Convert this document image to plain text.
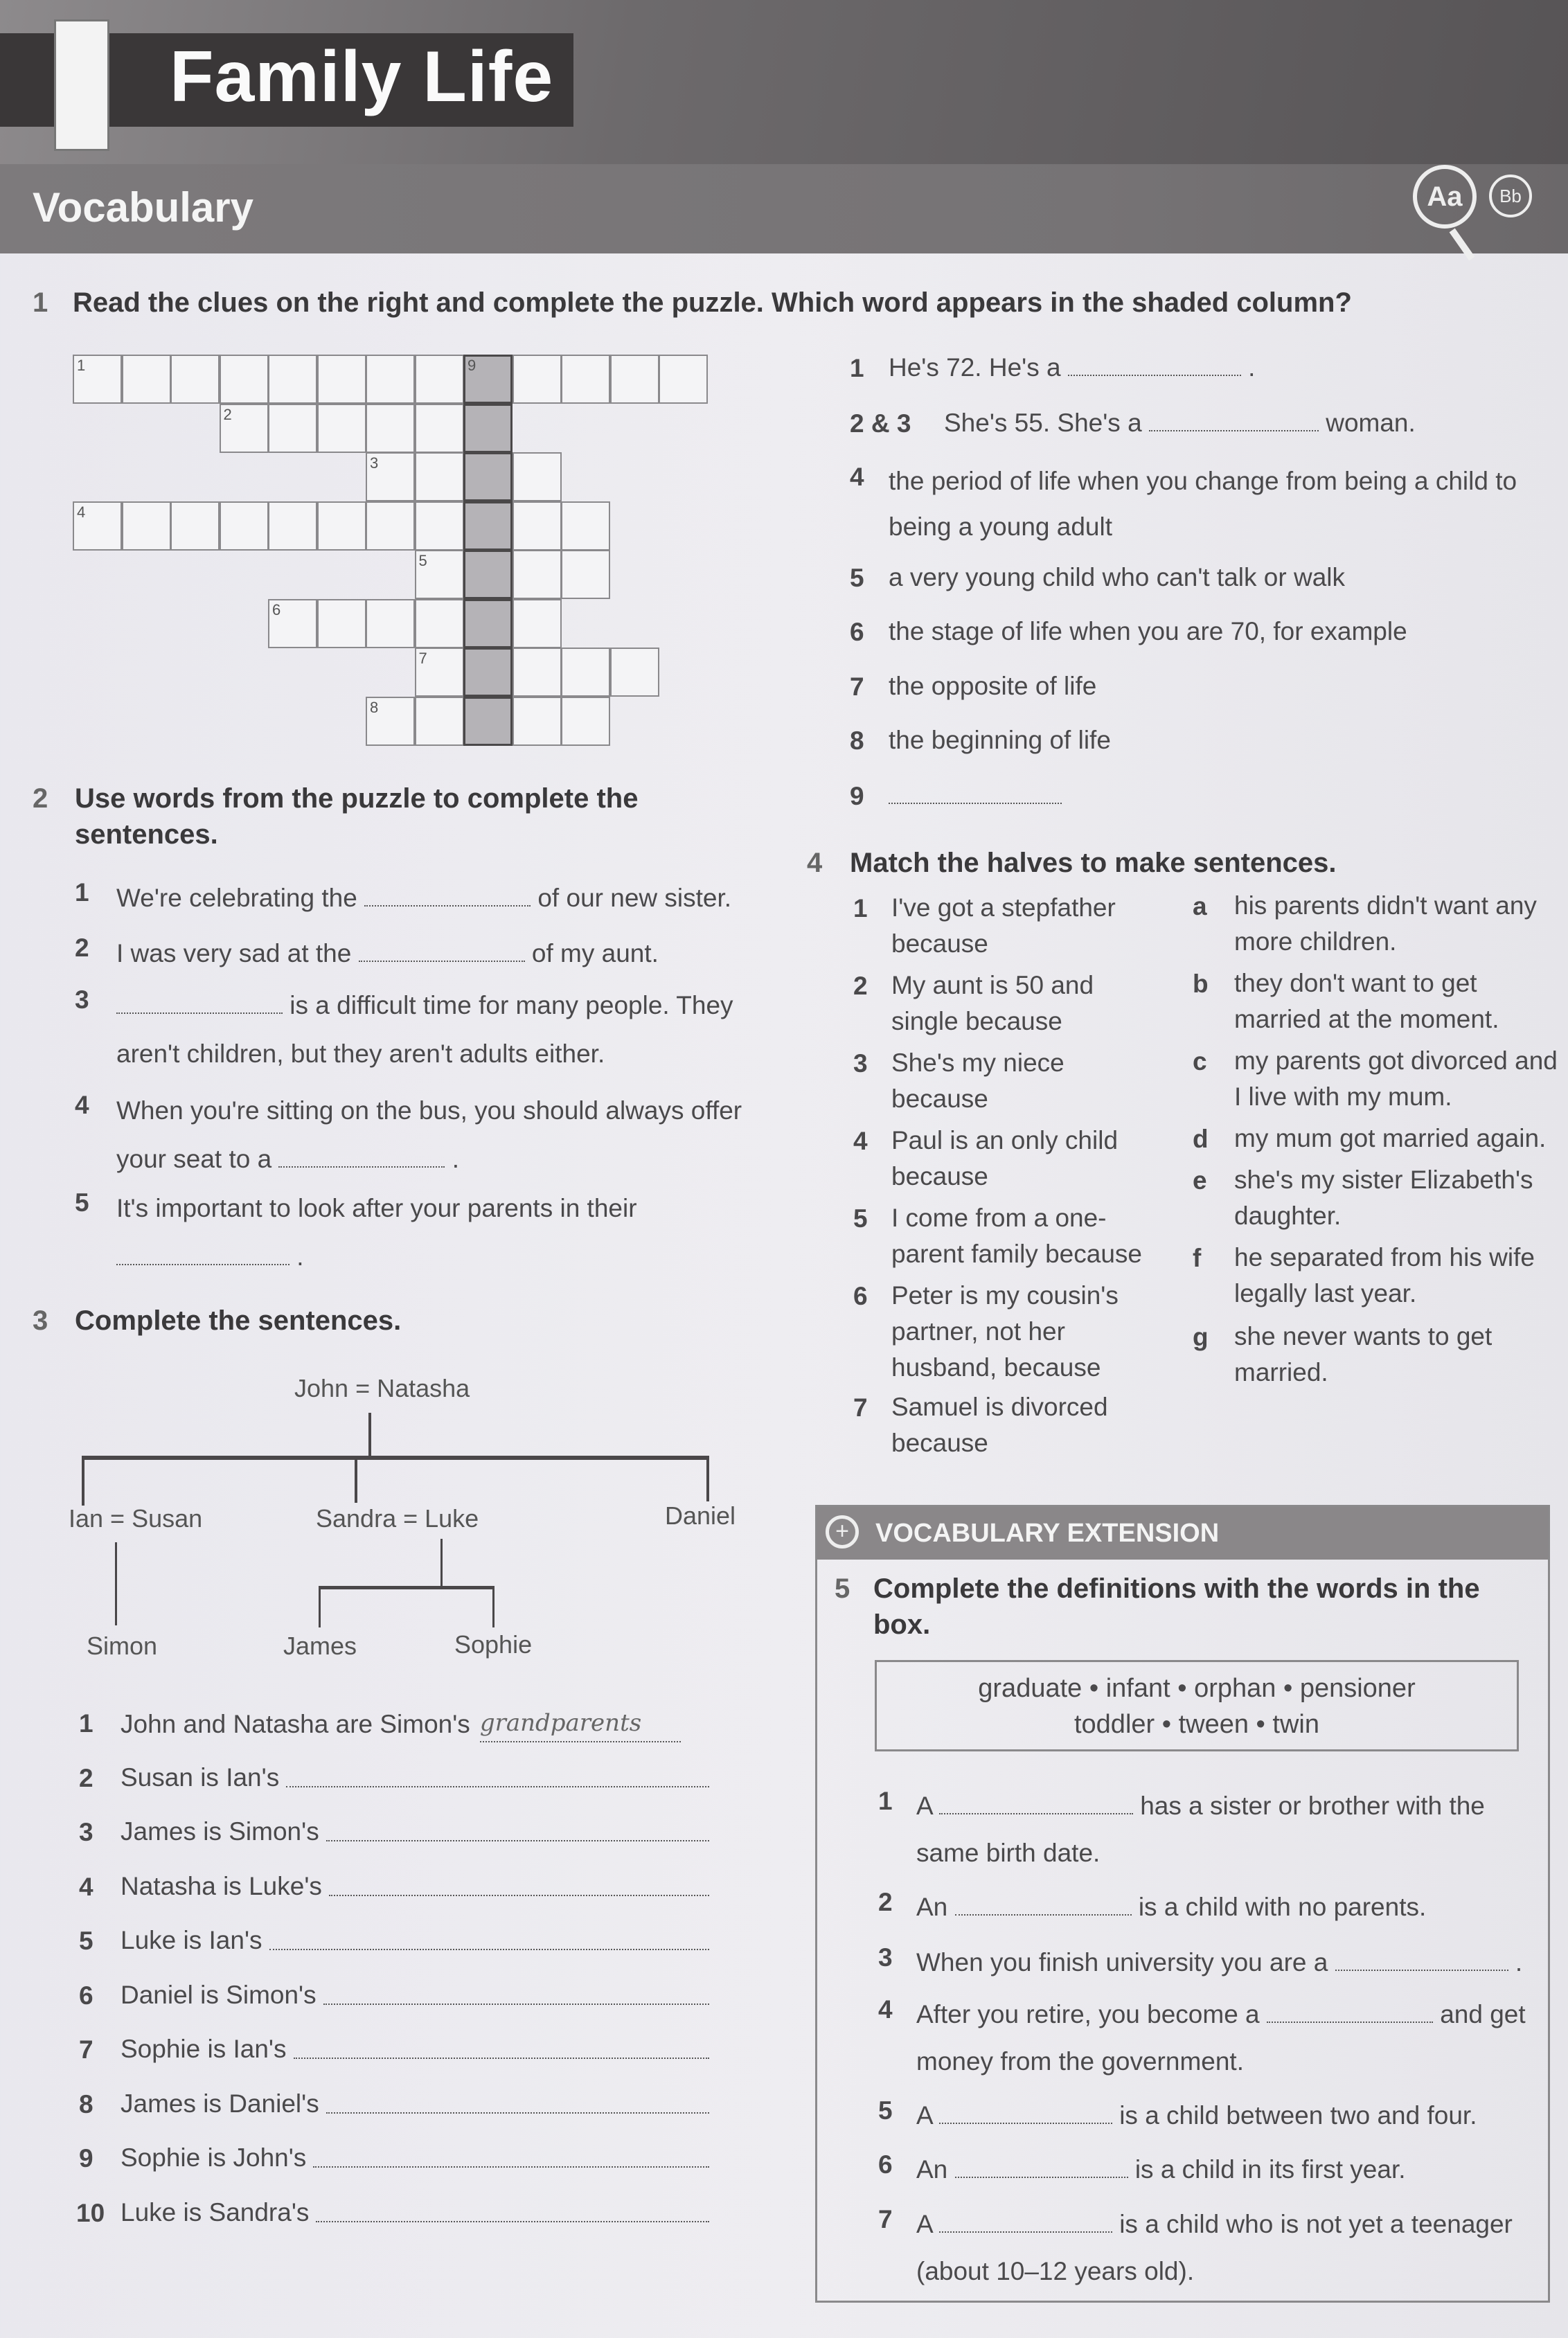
Family Life
Vocabulary	Aa	Bb
1 Read the clues on the right and complete the puzzle. Which word appears in the shaded column?
1
2
3
4
5
6
7
8
9	1 He's 72. He's a	.
2 & 3 She's 55. She's a	woman.
4 the period of life when you change from being a child to being a young adult
5 a very young child who can't talk or walk
6 the stage of life when you are 70, for example
7 the opposite of life
8 the beginning of life
9
2 Use words from the puzzle to complete the sentences.
1 We're celebrating the	of our new sister.
2 I was very sad at the	of my aunt.
3	is a difficult time for many people. They aren't children, but they aren't adults either.
4 When you're sitting on the bus, you should always offer your seat to a	.
5 It's important to look after your parents in their  .
3 Complete the sentences.
John = Natasha
Ian = Susan	Sandra = Luke	Daniel
Simon	James	Sophie
1 John and Natasha are Simon's grandparents
2 Susan is Ian's
3 James is Simon's
4 Natasha is Luke's
5 Luke is Ian's
6 Daniel is Simon's
7 Sophie is Ian's
8 James is Daniel's
9 Sophie is John's
10 Luke is Sandra's
4 Match the halves to make sentences.
1 I've got a stepfather because
2 My aunt is 50 and single because
3 She's my niece because
4 Paul is an only child because
5 I come from a one-parent family because
6 Peter is my cousin's partner, not her husband, because
7 Samuel is divorced because
a his parents didn't want any more children.
b they don't want to get married at the moment.
c my parents got divorced and I live with my mum.
d my mum got married again.
e she's my sister Elizabeth's daughter.
f he separated from his wife legally last year.
g she never wants to get married.
VOCABULARY EXTENSION
+
5 Complete the definitions with the words in the box.
graduate • infant • orphan • pensioner
toddler • tween • twin
1 A	has a sister or brother with the same birth date.
2 An	is a child with no parents.
3 When you finish university you are a	.
4 After you retire, you become a	and get money from the government.
5 A	is a child between two and four.
6 An	is a child in its first year.
7 A	is a child who is not yet a teenager (about 10–12 years old).
